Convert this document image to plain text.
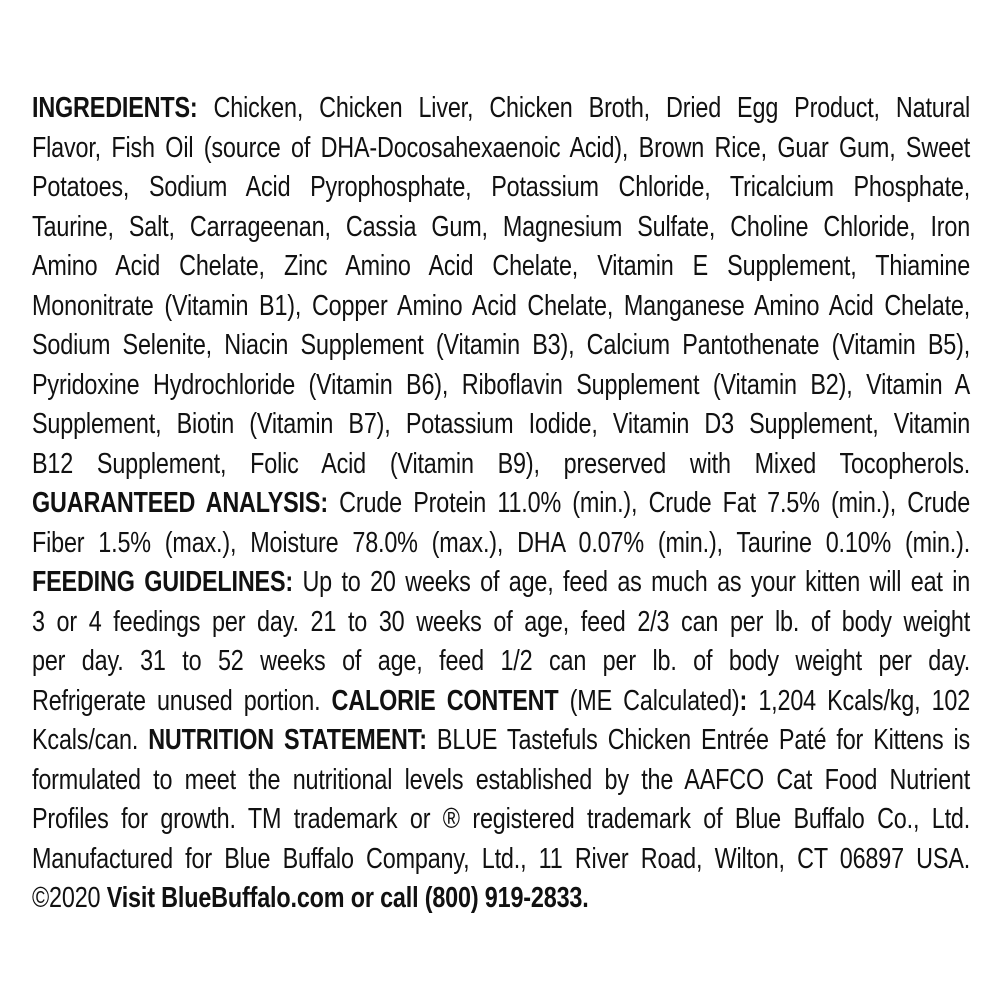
INGREDIENTS: Chicken, Chicken Liver, Chicken Broth, Dried Egg Product, Natural
Flavor, Fish Oil (source of DHA-Docosahexaenoic Acid), Brown Rice, Guar Gum, Sweet
Potatoes, Sodium Acid Pyrophosphate, Potassium Chloride, Tricalcium Phosphate,
Taurine, Salt, Carrageenan, Cassia Gum, Magnesium Sulfate, Choline Chloride, Iron
Amino Acid Chelate, Zinc Amino Acid Chelate, Vitamin E Supplement, Thiamine
Mononitrate (Vitamin B1), Copper Amino Acid Chelate, Manganese Amino Acid Chelate,
Sodium Selenite, Niacin Supplement (Vitamin B3), Calcium Pantothenate (Vitamin B5),
Pyridoxine Hydrochloride (Vitamin B6), Riboflavin Supplement (Vitamin B2), Vitamin A
Supplement, Biotin (Vitamin B7), Potassium Iodide, Vitamin D3 Supplement, Vitamin
B12 Supplement, Folic Acid (Vitamin B9), preserved with Mixed Tocopherols.
GUARANTEED ANALYSIS: Crude Protein 11.0% (min.), Crude Fat 7.5% (min.), Crude
Fiber 1.5% (max.), Moisture 78.0% (max.), DHA 0.07% (min.), Taurine 0.10% (min.).
FEEDING GUIDELINES: Up to 20 weeks of age, feed as much as your kitten will eat in
3 or 4 feedings per day. 21 to 30 weeks of age, feed 2/3 can per lb. of body weight
per day. 31 to 52 weeks of age, feed 1/2 can per lb. of body weight per day.
Refrigerate unused portion. CALORIE CONTENT (ME Calculated): 1,204 Kcals/kg, 102
Kcals/can. NUTRITION STATEMENT: BLUE Tastefuls Chicken Entrée Paté for Kittens is
formulated to meet the nutritional levels established by the AAFCO Cat Food Nutrient
Profiles for growth. TM trademark or ® registered trademark of Blue Buffalo Co., Ltd.
Manufactured for Blue Buffalo Company, Ltd., 11 River Road, Wilton, CT 06897 USA.
©2020 Visit BlueBuffalo.com or call (800) 919-2833.
